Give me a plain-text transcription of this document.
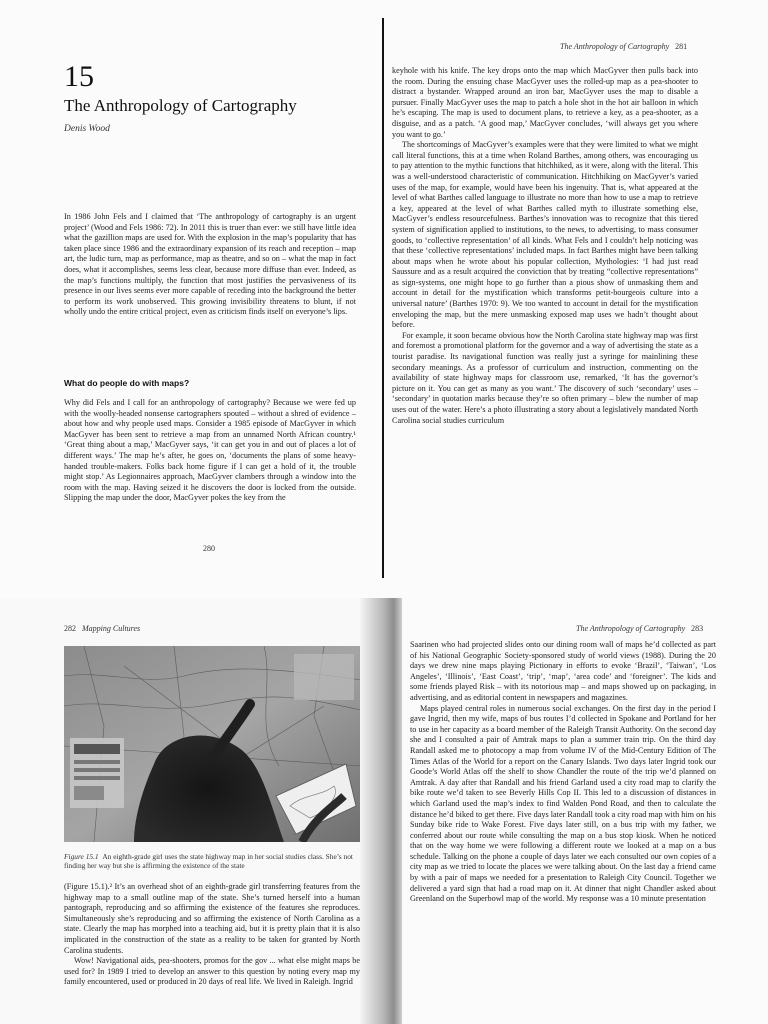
15
The Anthropology of Cartography
Denis Wood

In 1986 John Fels and I claimed that ‘The anthropology of cartography is an urgent project’ (Wood and Fels 1986: 72). In 2011 this is truer than ever: we still have little idea what the gazillion maps are used for. With the explosion in the map’s popularity that has taken place since 1986 and the extraordinary expansion of its reach and reception – map art, the ludic turn, map as performance, map as theatre, and so on – what the map in fact does, what it accomplishes, seems less clear, because more diffuse than ever. Indeed, as the map’s functions multiply, the function that most justifies the pervasiveness of its presence in our lives seems ever more capable of receding into the background the better to perform its work unobserved. This growing invisibility threatens to blunt, if not wholly undo the entire critical project, even as criticism finds itself on everyone’s lips.

What do people do with maps?

Why did Fels and I call for an anthropology of cartography? Because we were fed up with the woolly-headed nonsense cartographers spouted – without a shred of evidence – about how and why people used maps. Consider a 1985 episode of MacGyver in which MacGyver has been sent to retrieve a map from an unnamed North African country.¹ ‘Great thing about a map,’ MacGyver says, ‘it can get you in and out of places a lot of different ways.’ The map he’s after, he goes on, ‘documents the plans of some heavy-handed trouble-makers. Folks back home figure if I can get a hold of it, the trouble might stop.’ As Legionnaires approach, MacGyver clambers through a window into the room with the map. Having seized it he discovers the door is locked from the outside. Slipping the map under the door, MacGyver pokes the key from the

280
The Anthropology of Cartography 281

keyhole with his knife. The key drops onto the map which MacGyver then pulls back into the room. During the ensuing chase MacGyver uses the rolled-up map as a pea-shooter to distract a bystander. Wrapped around an iron bar, MacGyver uses the map to disable a pursuer. Finally MacGyver uses the map to patch a hole shot in the hot air balloon in which he’s escaping. The map is used to document plans, to retrieve a key, as a pea-shooter, as a disguise, and as a patch. ‘A good map,’ MacGyver concludes, ‘will always get you where you want to go.’

The shortcomings of MacGyver’s examples were that they were limited to what we might call literal functions, this at a time when Roland Barthes, among others, was encouraging us to pay attention to the mythic functions that hitchhiked, as it were, along with the literal. This was a well-understood characteristic of communication. Hitchhiking on MacGyver’s varied uses of the map, for example, would have been his ingenuity. That is, what appeared at the level of what Barthes called language to illustrate no more than how to use a map to retrieve a key, appeared at the level of what Barthes called myth to illustrate something else, MacGyver’s endless resourcefulness. Barthes’s innovation was to recognize that this tiered system of signification applied to institutions, to the news, to advertising, to mass consumer goods, to ‘collective representation’ of all kinds. What Fels and I couldn’t help noticing was that these ‘collective representations’ included maps. In fact Barthes might have been talking about maps when he wrote about his popular collection, Mythologies: ‘I had just read Saussure and as a result acquired the conviction that by treating “collective representations” as sign-systems, one might hope to go further than a pious show of unmasking them and account in detail for the mystification which transforms petit-bourgeois culture into a universal nature’ (Barthes 1970: 9). We too wanted to account in detail for the mystification enveloping the map, but the mere unmasking exposed map uses we hadn’t thought about before.

For example, it soon became obvious how the North Carolina state highway map was first and foremost a promotional platform for the governor and a way of advertising the state as a tourist paradise. Its navigational function was really just a syringe for mainlining these secondary meanings. As a professor of curriculum and instruction, commenting on the availability of state highway maps for classroom use, remarked, ‘It has the governor’s picture on it. You can get as many as you want.’ The discovery of such ‘secondary’ uses – ‘secondary’ in quotation marks because they’re so often primary – blew the number of map uses out of the water. Here’s a photo illustrating a story about a legislatively mandated North Carolina social studies curriculum

282 Mapping Cultures
Figure 15.1 An eighth-grade girl uses the state highway map in her social studies class. She’s not finding her way but she is affirming the existence of the state

(Figure 15.1).² It’s an overhead shot of an eighth-grade girl transferring features from the highway map to a small outline map of the state. She’s turned herself into a human pantograph, reproducing and so affirming the existence of the features she reproduces. Simultaneously she’s reproducing and so affirming the existence of North Carolina as a state. Clearly the map has morphed into a teaching aid, but it is pretty plain that it is also implicated in the construction of the state as a reality to be taken for granted by North Carolina students.

Wow! Navigational aids, pea-shooters, promos for the gov ... what else might maps be used for? In 1989 I tried to develop an answer to this question by noting every map my family encountered, used or produced in 20 days of real life. We lived in Raleigh. Ingrid

The Anthropology of Cartography 283

Saarinen who had projected slides onto our dining room wall of maps he’d collected as part of his National Geographic Society-sponsored study of world views (1988). During the 20 days we drew nine maps playing Pictionary in efforts to evoke ‘Brazil’, ‘Taiwan’, ‘Los Angeles’, ‘Illinois’, ‘East Coast’, ‘trip’, ‘map’, ‘area code’ and ‘foreigner’. The kids and some friends played Risk – with its notorious map – and maps showed up on packaging, in advertising, and as editorial content in newspapers and magazines.

Maps played central roles in numerous social exchanges. On the first day in the period I gave Ingrid, then my wife, maps of bus routes I’d collected in Spokane and Portland for her to use in her capacity as a board member of the Raleigh Transit Authority. On the second day she and I consulted a pair of Amtrak maps to plan a summer train trip. On the third day Randall asked me to photocopy a map from volume IV of the Mid-Century Edition of The Times Atlas of the World for a report on the Canary Islands. Two days later Ingrid took our Goode’s World Atlas off the shelf to show Chandler the route of the trip we’d planned on Amtrak. A day after that Randall and his friend Garland used a city road map to clarify the bike route we’d taken to see Beverly Hills Cop II. This led to a discussion of distances in which Garland used the map’s index to find Walden Pond Road, and then to calculate the distance he’d biked to get there. Five days later Randall took a city road map with him on his Sunday bike ride to Wake Forest. Five days later still, on a bus trip with my father, we conferred about our route while consulting the map on a bus stop kiosk. When he noticed that on the way home we were following a different route we looked at a map on a bus schedule. Talking on the phone a couple of days later we each consulted our own copies of a city map as we tried to locate the places we were talking about. On the last day a friend came by with a pair of maps we needed for a presentation to Raleigh City Council. Together we delivered a yard sign that had a road map on it. At dinner that night Chandler asked about Greenland on the Superbowl map of the world. My response was a 10 minute presentation
